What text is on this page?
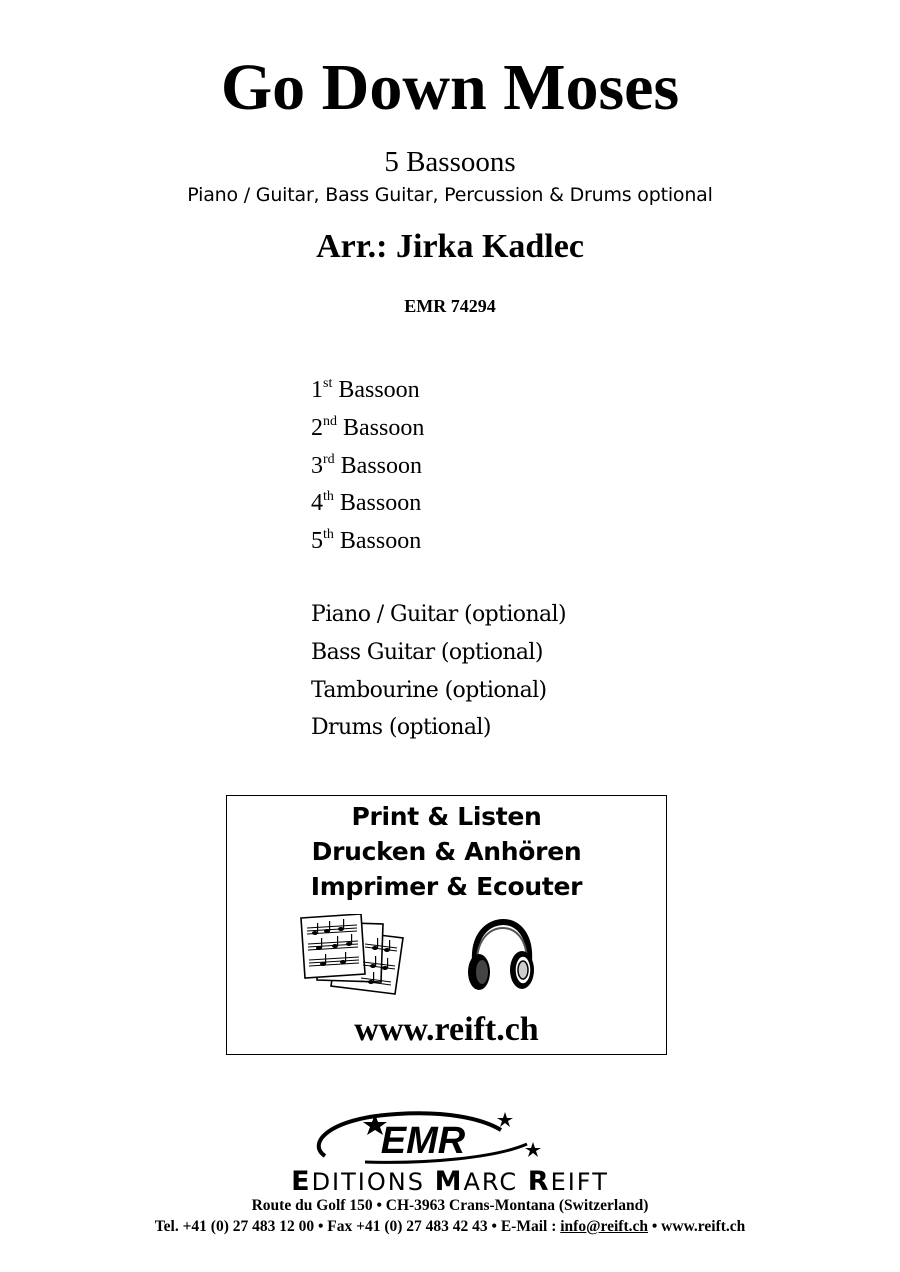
Go Down Moses
5 Bassoons
Piano / Guitar, Bass Guitar, Percussion & Drums optional
Arr.: Jirka Kadlec
EMR 74294
1st Bassoon
2nd Bassoon
3rd Bassoon
4th Bassoon
5th Bassoon
Piano / Guitar (optional)
Bass Guitar (optional)
Tambourine (optional)
Drums (optional)
Print & Listen
Drucken & Anhören
Imprimer & Ecouter
www.reift.ch
EMR
EDITIONS MARC REIFT
Route du Golf 150 • CH-3963 Crans-Montana (Switzerland)
Tel. +41 (0) 27 483 12 00 • Fax +41 (0) 27 483 42 43 • E-Mail : info@reift.ch • www.reift.ch
